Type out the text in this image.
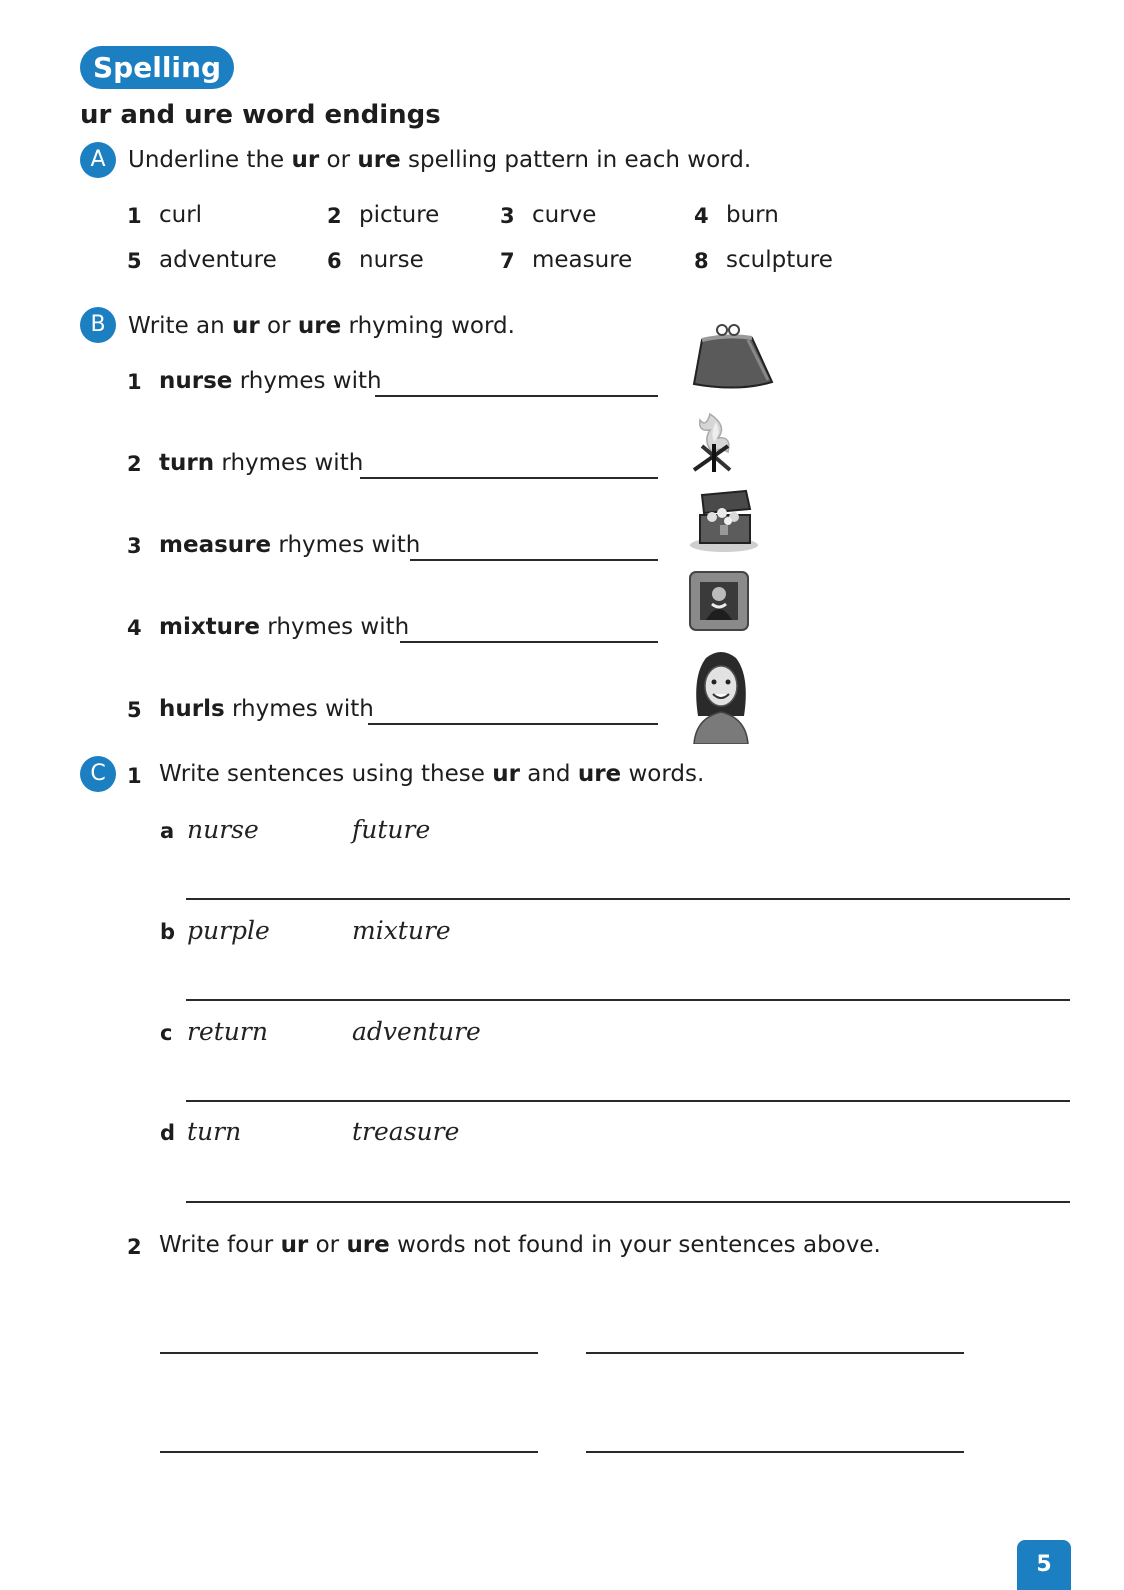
Spelling
ur and ure word endings
A Underline the ur or ure spelling pattern in each word.
1 curl	2 picture	3 curve	4 burn
5 adventure 6 nurse	7 measure	8 sculpture
B Write an ur or ure rhyming word.
1 nurse rhymes with
2 turn rhymes with
3 measure rhymes with
4 mixture rhymes with
5 hurls rhymes with
C	1 Write sentences using these ur and ure words.
a nurse	future
b purple	mixture
c return	adventure
d turn	treasure
2 Write four ur or ure words not found in your sentences above.
5
